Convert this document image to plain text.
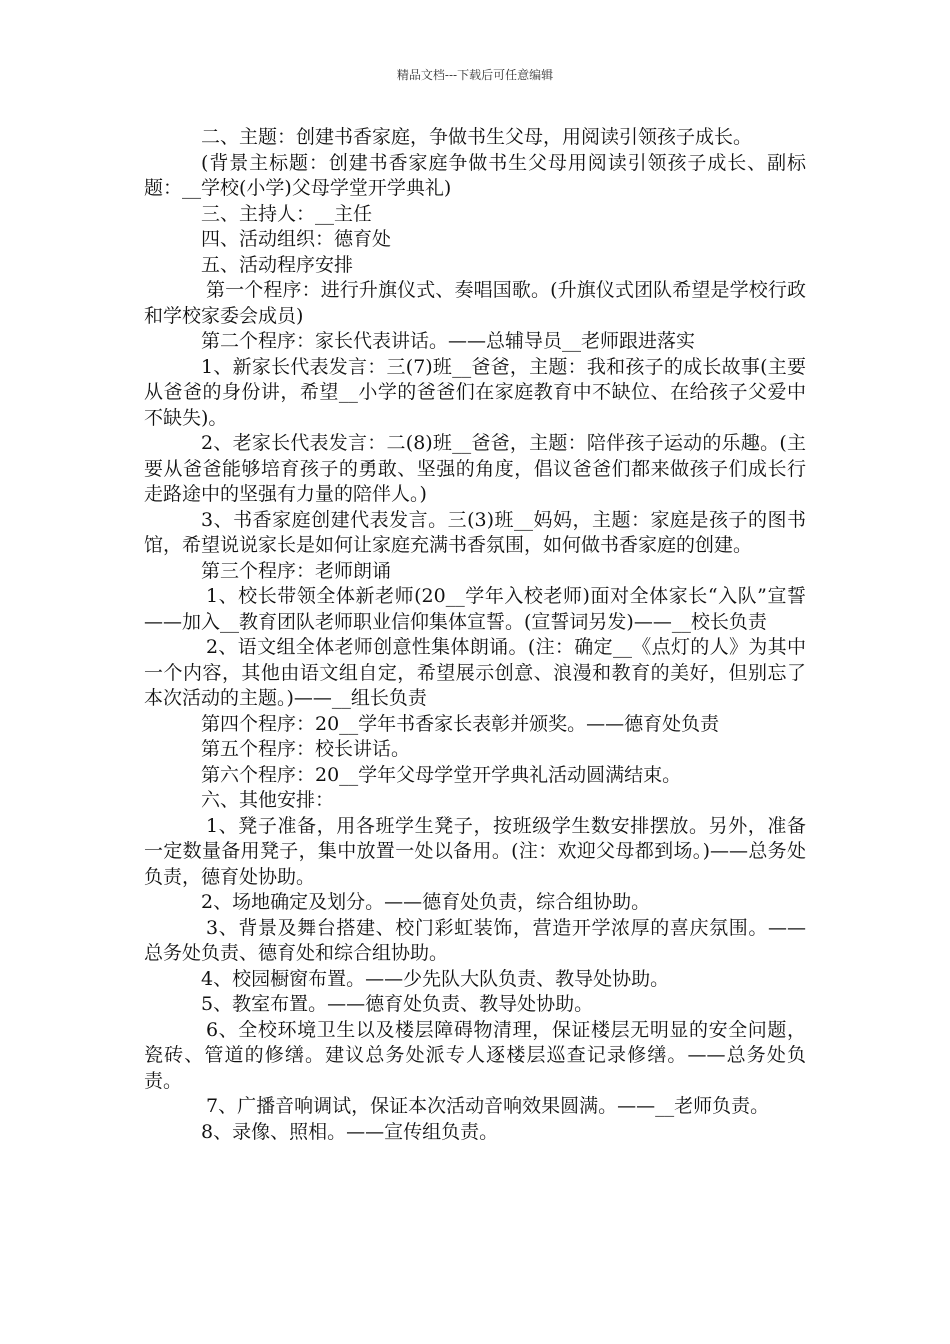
精品文档---下载后可任意编辑

二、主题：创建书香家庭，争做书生父母，用阅读引领孩子成长。

(背景主标题：创建书香家庭争做书生父母用阅读引领孩子成长、副标题：__学校(小学)父母学堂开学典礼)

三、主持人：__主任

四、活动组织：德育处

五、活动程序安排

第一个程序：进行升旗仪式、奏唱国歌。(升旗仪式团队希望是学校行政和学校家委会成员)

第二个程序：家长代表讲话。——总辅导员__老师跟进落实

1、新家长代表发言：三(7)班__爸爸，主题：我和孩子的成长故事(主要从爸爸的身份讲，希望__小学的爸爸们在家庭教育中不缺位、在给孩子父爱中不缺失)。

2、老家长代表发言：二(8)班__爸爸，主题：陪伴孩子运动的乐趣。(主要从爸爸能够培育孩子的勇敢、坚强的角度，倡议爸爸们都来做孩子们成长行走路途中的坚强有力量的陪伴人。)

3、书香家庭创建代表发言。三(3)班__妈妈，主题：家庭是孩子的图书馆，希望说说家长是如何让家庭充满书香氛围，如何做书香家庭的创建。

第三个程序：老师朗诵

1、校长带领全体新老师(20__学年入校老师)面对全体家长“入队”宣誓——加入__教育团队老师职业信仰集体宣誓。(宣誓词另发)——__校长负责

2、语文组全体老师创意性集体朗诵。(注：确定__《点灯的人》为其中一个内容，其他由语文组自定，希望展示创意、浪漫和教育的美好，但别忘了本次活动的主题。)——__组长负责

第四个程序：20__学年书香家长表彰并颁奖。——德育处负责

第五个程序：校长讲话。

第六个程序：20__学年父母学堂开学典礼活动圆满结束。

六、其他安排：

1、凳子准备，用各班学生凳子，按班级学生数安排摆放。另外，准备一定数量备用凳子，集中放置一处以备用。(注：欢迎父母都到场。)——总务处负责，德育处协助。

2、场地确定及划分。——德育处负责，综合组协助。

3、背景及舞台搭建、校门彩虹装饰，营造开学浓厚的喜庆氛围。——总务处负责、德育处和综合组协助。

4、校园橱窗布置。——少先队大队负责、教导处协助。

5、教室布置。——德育处负责、教导处协助。

6、全校环境卫生以及楼层障碍物清理，保证楼层无明显的安全问题，瓷砖、管道的修缮。建议总务处派专人逐楼层巡查记录修缮。——总务处负责。

7、广播音响调试，保证本次活动音响效果圆满。——__老师负责。

8、录像、照相。——宣传组负责。
